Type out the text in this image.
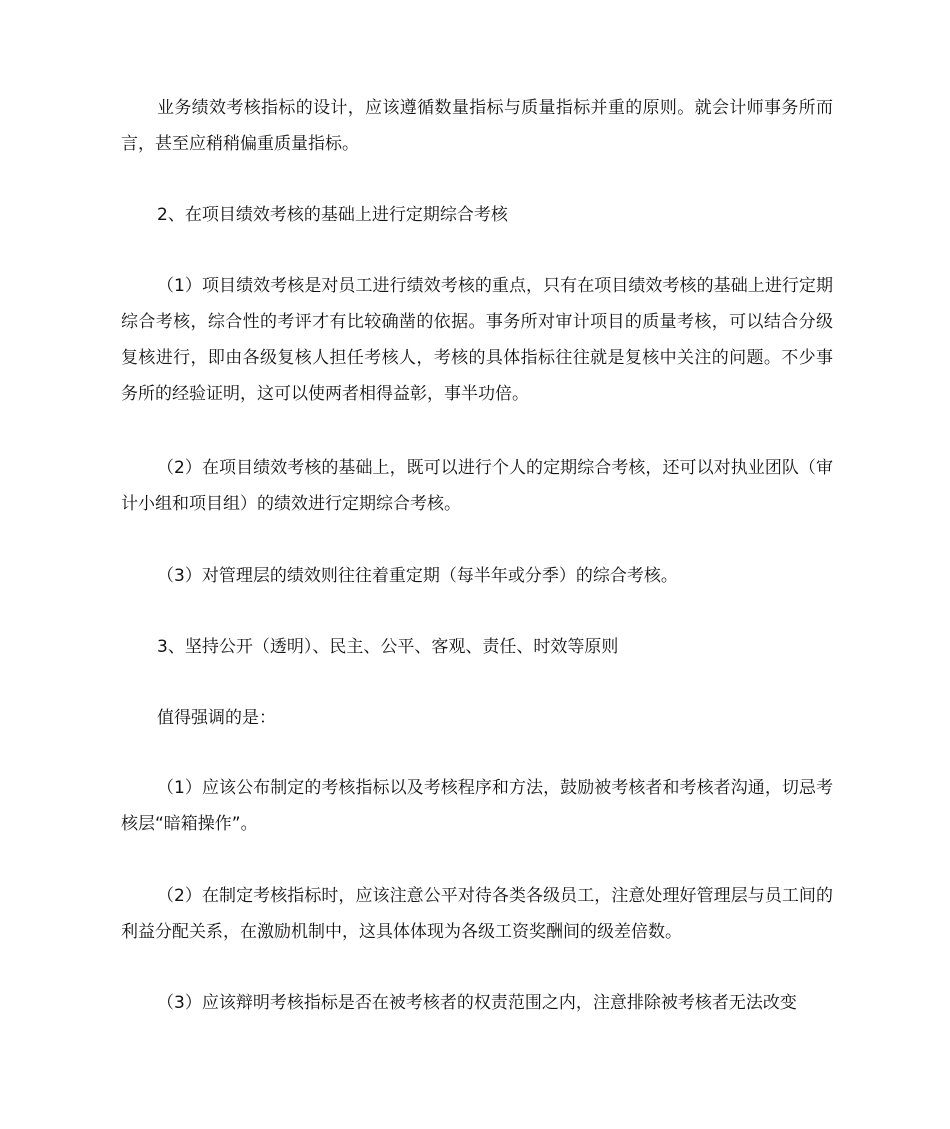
业务绩效考核指标的设计，应该遵循数量指标与质量指标并重的原则。就会计师事务所而言，甚至应稍稍偏重质量指标。

2、在项目绩效考核的基础上进行定期综合考核

（1）项目绩效考核是对员工进行绩效考核的重点，只有在项目绩效考核的基础上进行定期综合考核，综合性的考评才有比较确凿的依据。事务所对审计项目的质量考核，可以结合分级复核进行，即由各级复核人担任考核人，考核的具体指标往往就是复核中关注的问题。不少事务所的经验证明，这可以使两者相得益彰，事半功倍。

（2）在项目绩效考核的基础上，既可以进行个人的定期综合考核，还可以对执业团队（审计小组和项目组）的绩效进行定期综合考核。

（3）对管理层的绩效则往往着重定期（每半年或分季）的综合考核。

3、坚持公开（透明）、民主、公平、客观、责任、时效等原则

值得强调的是：

（1）应该公布制定的考核指标以及考核程序和方法，鼓励被考核者和考核者沟通，切忌考核层“暗箱操作”。

（2）在制定考核指标时，应该注意公平对待各类各级员工，注意处理好管理层与员工间的利益分配关系，在激励机制中，这具体体现为各级工资奖酬间的级差倍数。

（3）应该辩明考核指标是否在被考核者的权责范围之内，注意排除被考核者无法改变
